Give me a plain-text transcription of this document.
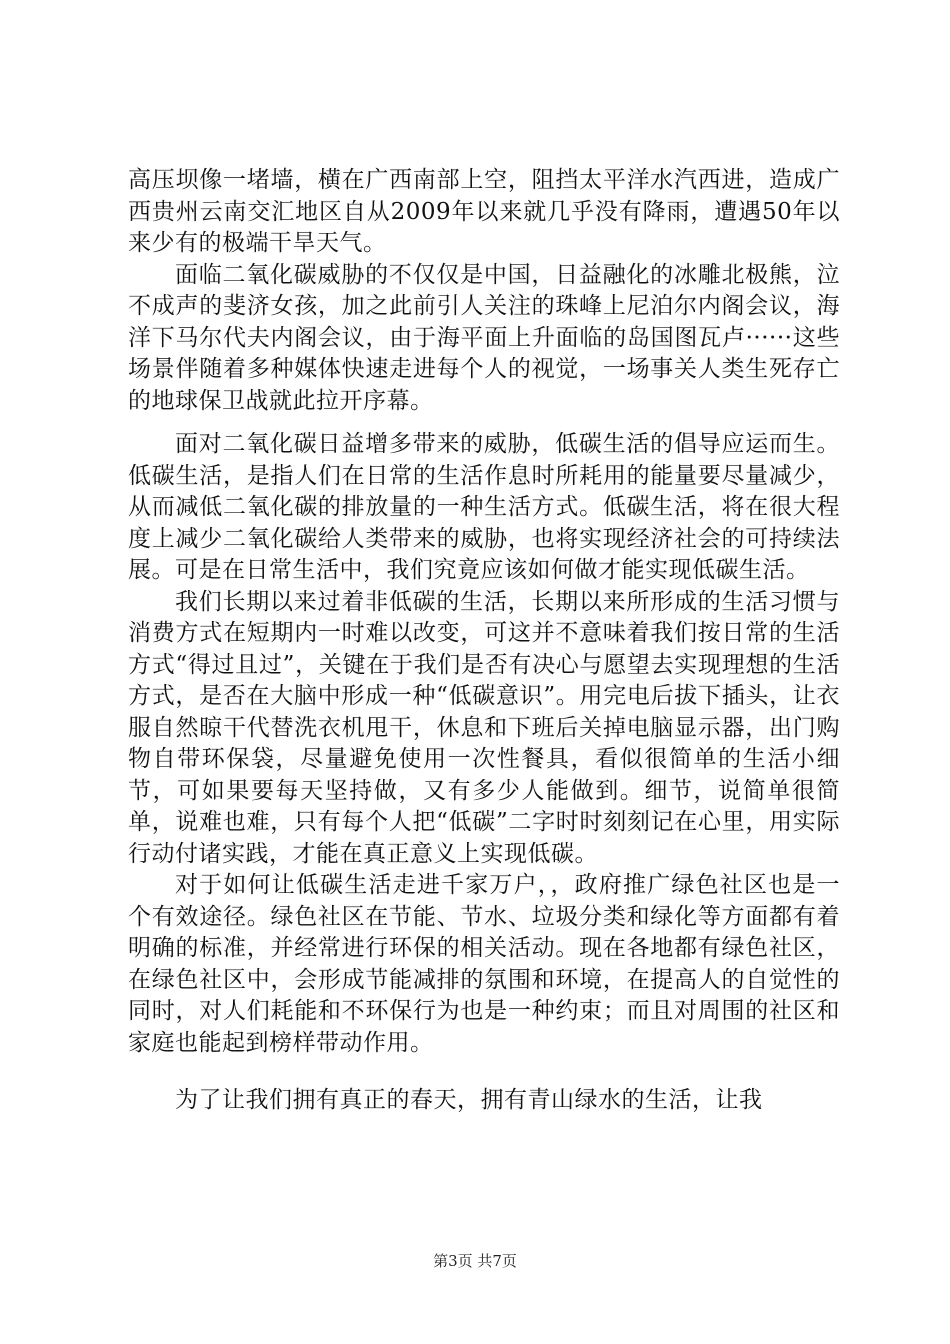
高压坝像一堵墙，横在广西南部上空，阻挡太平洋水汽西进，造成广西贵州云南交汇地区自从2009年以来就几乎没有降雨，遭遇50年以来少有的极端干旱天气。

面临二氧化碳威胁的不仅仅是中国，日益融化的冰雕北极熊，泣不成声的斐济女孩，加之此前引人关注的珠峰上尼泊尔内阁会议，海洋下马尔代夫内阁会议，由于海平面上升面临的岛国图瓦卢······这些场景伴随着多种媒体快速走进每个人的视觉，一场事关人类生死存亡的地球保卫战就此拉开序幕。

面对二氧化碳日益增多带来的威胁，低碳生活的倡导应运而生。低碳生活，是指人们在日常的生活作息时所耗用的能量要尽量减少，从而减低二氧化碳的排放量的一种生活方式。低碳生活，将在很大程度上减少二氧化碳给人类带来的威胁，也将实现经济社会的可持续法展。可是在日常生活中，我们究竟应该如何做才能实现低碳生活。

我们长期以来过着非低碳的生活，长期以来所形成的生活习惯与消费方式在短期内一时难以改变，可这并不意味着我们按日常的生活方式“得过且过”，关键在于我们是否有决心与愿望去实现理想的生活方式，是否在大脑中形成一种“低碳意识”。用完电后拔下插头，让衣服自然晾干代替洗衣机甩干，休息和下班后关掉电脑显示器，出门购物自带环保袋，尽量避免使用一次性餐具，看似很简单的生活小细节，可如果要每天坚持做，又有多少人能做到。细节，说简单很简单，说难也难，只有每个人把“低碳”二字时时刻刻记在心里，用实际行动付诸实践，才能在真正意义上实现低碳。

对于如何让低碳生活走进千家万户，，政府推广绿色社区也是一个有效途径。绿色社区在节能、节水、垃圾分类和绿化等方面都有着明确的标准，并经常进行环保的相关活动。现在各地都有绿色社区，在绿色社区中，会形成节能减排的氛围和环境，在提高人的自觉性的同时，对人们耗能和不环保行为也是一种约束；而且对周围的社区和家庭也能起到榜样带动作用。

为了让我们拥有真正的春天，拥有青山绿水的生活，让我

第3页 共7页
